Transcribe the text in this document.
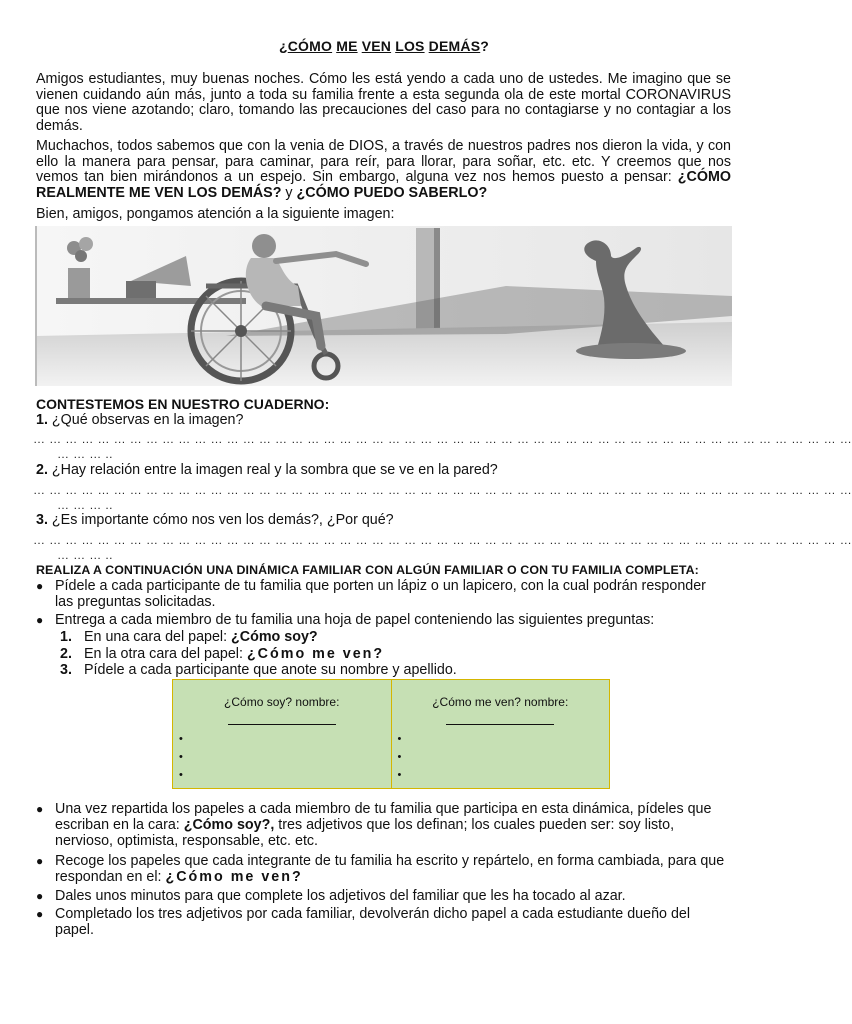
¿CÓMO ME VEN LOS DEMÁS?

Amigos estudiantes, muy buenas noches. Cómo les está yendo a cada uno de ustedes. Me imagino que se vienen cuidando aún más, junto a toda su familia frente a esta segunda ola de este mortal CORONAVIRUS que nos viene azotando; claro, tomando las precauciones del caso para no contagiarse y no contagiar a los demás.

Muchachos, todos sabemos que con la venia de DIOS, a través de nuestros padres nos dieron la vida, y con ello la manera para pensar, para caminar, para reír, para llorar, para soñar, etc. etc. Y creemos que nos vemos tan bien mirándonos a un espejo. Sin embargo, alguna vez nos hemos puesto a pensar: ¿CÓMO REALMENTE ME VEN LOS DEMÁS? y ¿CÓMO PUEDO SABERLO?

Bien, amigos, pongamos atención a la siguiente imagen:

CONTESTEMOS EN NUESTRO CUADERNO:
1. ¿Qué observas en la imagen?
… … … … … … … … … … … … … … … … … … … … … … … … … … … … … … … … … … … … … … … … … … … … … … … … … … …
… … … ..
2. ¿Hay relación entre la imagen real y la sombra que se ve en la pared?
… … … … … … … … … … … … … … … … … … … … … … … … … … … … … … … … … … … … … … … … … … … … … … … … … … …
… … … ..
3. ¿Es importante cómo nos ven los demás?, ¿Por qué?
… … … … … … … … … … … … … … … … … … … … … … … … … … … … … … … … … … … … … … … … … … … … … … … … … … …
… … … ..
REALIZA A CONTINUACIÓN UNA DINÁMICA FAMILIAR CON ALGÚN FAMILIAR O CON TU FAMILIA COMPLETA:
● Pídele a cada participante de tu familia que porten un lápiz o un lapicero, con la cual podrán responder las preguntas solicitadas.
● Entrega a cada miembro de tu familia una hoja de papel conteniendo las siguientes preguntas:
1. En una cara del papel: ¿Cómo soy?
2. En la otra cara del papel: ¿Cómo me ven?
3. Pídele a cada participante que anote su nombre y apellido.
¿Cómo soy? nombre:
•
•
•

¿Cómo me ven? nombre:
•
•
•
● Una vez repartida los papeles a cada miembro de tu familia que participa en esta dinámica, pídeles que escriban en la cara: ¿Cómo soy?, tres adjetivos que los definan; los cuales pueden ser: soy listo, nervioso, optimista, responsable, etc. etc.
● Recoge los papeles que cada integrante de tu familia ha escrito y repártelo, en forma cambiada, para que respondan en el: ¿Cómo me ven?
● Dales unos minutos para que complete los adjetivos del familiar que les ha tocado al azar.
● Completado los tres adjetivos por cada familiar, devolverán dicho papel a cada estudiante dueño del papel.
